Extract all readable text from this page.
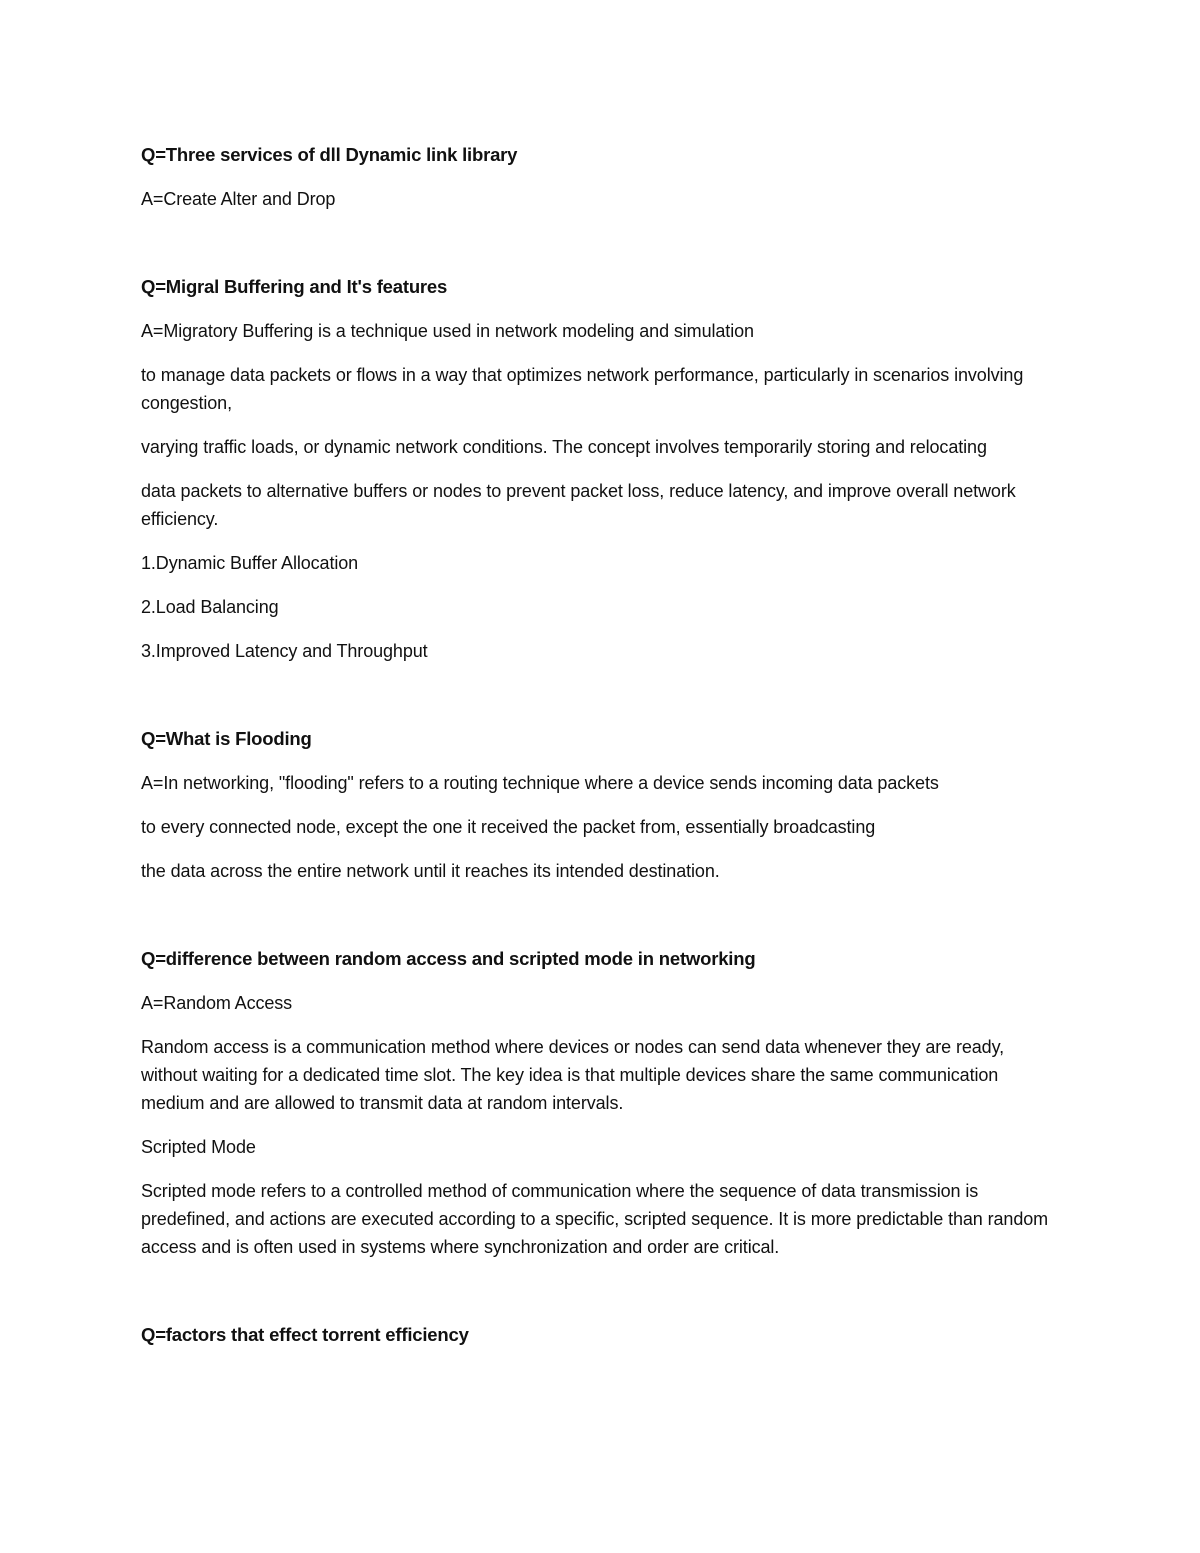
Q=Three services of dll Dynamic link library

A=Create Alter and Drop

Q=Migral Buffering and It's features

A=Migratory Buffering is a technique used in network modeling and simulation

to manage data packets or flows in a way that optimizes network performance, particularly in scenarios involving congestion,

varying traffic loads, or dynamic network conditions. The concept involves temporarily storing and relocating

data packets to alternative buffers or nodes to prevent packet loss, reduce latency, and improve overall network efficiency.

1.Dynamic Buffer Allocation

2.Load Balancing

3.Improved Latency and Throughput

Q=What is Flooding

A=In networking, "flooding" refers to a routing technique where a device sends incoming data packets

to every connected node, except the one it received the packet from, essentially broadcasting

the data across the entire network until it reaches its intended destination.

Q=difference between random access and scripted mode in networking

A=Random Access

Random access is a communication method where devices or nodes can send data whenever they are ready, without waiting for a dedicated time slot. The key idea is that multiple devices share the same communication medium and are allowed to transmit data at random intervals.

Scripted Mode

Scripted mode refers to a controlled method of communication where the sequence of data transmission is predefined, and actions are executed according to a specific, scripted sequence. It is more predictable than random access and is often used in systems where synchronization and order are critical.

Q=factors that effect torrent efficiency
